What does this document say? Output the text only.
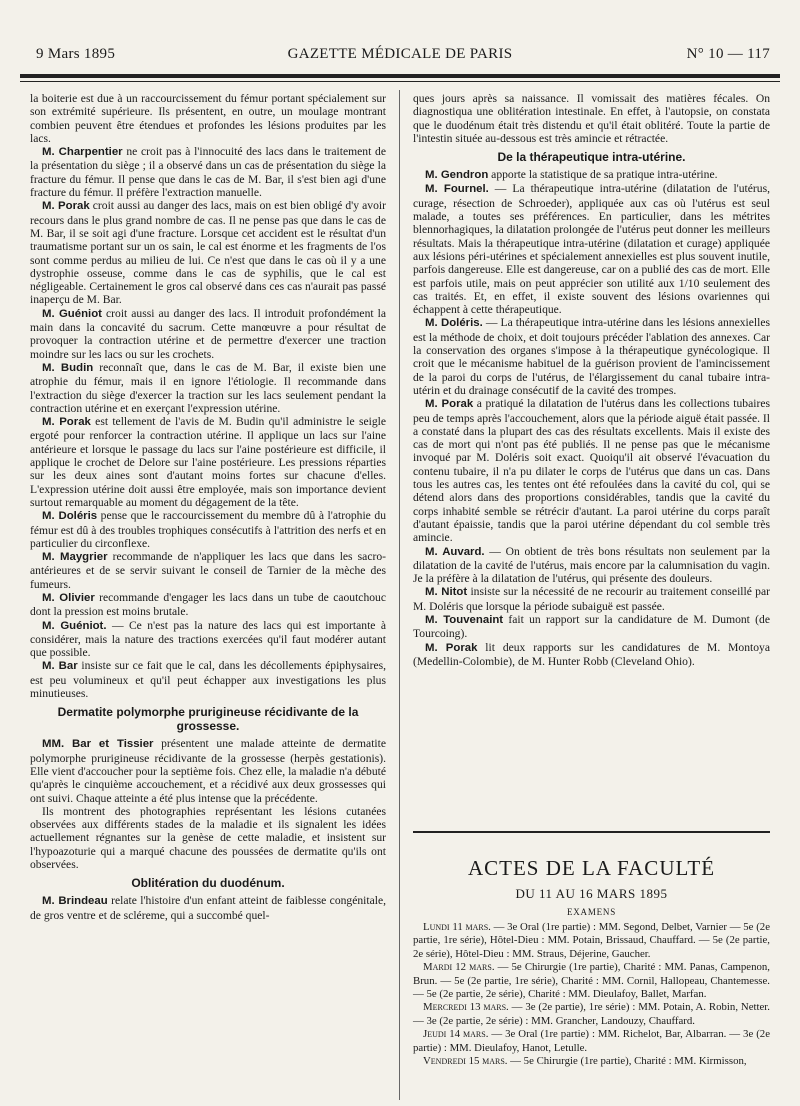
9 Mars 1895	GAZETTE MÉDICALE DE PARIS	N° 10 — 117

la boiterie est due à un raccourcissement du fémur portant spécialement sur son extrémité supérieure. Ils présentent, en outre, un moulage montrant combien peuvent être étendues et profondes les lésions produites par les lacs.

M. Charpentier ne croit pas à l'innocuité des lacs dans le traitement de la présentation du siège ; il a observé dans un cas de présentation du siège la fracture du fémur. Il pense que dans le cas de M. Bar, il s'est bien agi d'une fracture du fémur. Il préfère l'extraction manuelle.

M. Porak croit aussi au danger des lacs, mais on est bien obligé d'y avoir recours dans le plus grand nombre de cas. Il ne pense pas que dans le cas de M. Bar, il se soit agi d'une fracture. Lorsque cet accident est le résultat d'un traumatisme portant sur un os sain, le cal est énorme et les fragments de l'os sont comme perdus au milieu de lui. Ce n'est que dans le cas où il y a une dystrophie osseuse, comme dans le cas de syphilis, que le cal est négligeable. Certainement le gros cal observé dans ces cas n'aurait pas passé inaperçu de M. Bar.

M. Guéniot croit aussi au danger des lacs. Il introduit profondément la main dans la concavité du sacrum. Cette manœuvre a pour résultat de provoquer la contraction utérine et de permettre d'exercer une traction moindre sur les lacs ou sur les crochets.

M. Budin reconnaît que, dans le cas de M. Bar, il existe bien une atrophie du fémur, mais il en ignore l'étiologie. Il recommande dans l'extraction du siège d'exercer la traction sur les lacs seulement pendant la contraction utérine et en exerçant l'expression utérine.

M. Porak est tellement de l'avis de M. Budin qu'il administre le seigle ergoté pour renforcer la contraction utérine. Il applique un lacs sur l'aine antérieure et lorsque le passage du lacs sur l'aine postérieure est difficile, il applique le crochet de Delore sur l'aine postérieure. Les pressions réparties sur les deux aines sont d'autant moins fortes sur chacune d'elles. L'expression utérine doit aussi être employée, mais son importance devient surtout remarquable au moment du dégagement de la tête.

M. Doléris pense que le raccourcissement du membre dû à l'atrophie du fémur est dû à des troubles trophiques consécutifs à l'attrition des nerfs et en particulier du circonflexe.

M. Maygrier recommande de n'appliquer les lacs que dans les sacro-antérieures et de se servir suivant le conseil de Tarnier de la mèche des fumeurs.

M. Olivier recommande d'engager les lacs dans un tube de caoutchouc dont la pression est moins brutale.

M. Guéniot. — Ce n'est pas la nature des lacs qui est importante à considérer, mais la nature des tractions exercées qu'il faut modérer autant que possible.

M. Bar insiste sur ce fait que le cal, dans les décollements épiphysaires, est peu volumineux et qu'il peut échapper aux investigations les plus minutieuses.

Dermatite polymorphe prurigineuse récidivante de la grossesse.

MM. Bar et Tissier présentent une malade atteinte de dermatite polymorphe prurigineuse récidivante de la grossesse (herpès gestationis). Elle vient d'accoucher pour la septième fois. Chez elle, la maladie n'a débuté qu'après le cinquième accouchement, et a récidivé aux deux grossesses qui ont suivi. Chaque atteinte a été plus intense que la précédente.

Ils montrent des photographies représentant les lésions cutanées observées aux différents stades de la maladie et ils signalent les idées actuellement régnantes sur la genèse de cette maladie, et insistent sur l'hypoazoturie qui a marqué chacune des poussées de dermatite qu'ils ont observées.

Oblitération du duodénum.

M. Brindeau relate l'histoire d'un enfant atteint de faiblesse congénitale, de gros ventre et de scléreme, qui a succombé quel-

ques jours après sa naissance. Il vomissait des matières fécales. On diagnostiqua une oblitération intestinale. En effet, à l'autopsie, on constata que le duodénum était très distendu et qu'il était oblitéré. Toute la partie de l'intestin située au-dessous est très amincie et rétractée.

De la thérapeutique intra-utérine.

M. Gendron apporte la statistique de sa pratique intra-utérine.

M. Fournel. — La thérapeutique intra-utérine (dilatation de l'utérus, curage, résection de Schroeder), appliquée aux cas où l'utérus est seul malade, a toutes ses préférences. En particulier, dans les métrites blennorhagiques, la dilatation prolongée de l'utérus peut donner les meilleurs résultats. Mais la thérapeutique intra-utérine (dilatation et curage) appliquée aux lésions péri-utérines et spécialement annexielles est plus souvent inutile, parfois dangereuse. Elle est dangereuse, car on a publié des cas de mort. Elle est parfois utile, mais on peut apprécier son utilité aux 1/10 seulement des cas traités. Et, en effet, il existe souvent des lésions ovariennes qui échappent à cette thérapeutique.

M. Doléris. — La thérapeutique intra-utérine dans les lésions annexielles est la méthode de choix, et doit toujours précéder l'ablation des annexes. Car la conservation des organes s'impose à la thérapeutique gynécologique. Il croit que le mécanisme habituel de la guérison provient de l'amincissement de la paroi du corps de l'utérus, de l'élargissement du canal tubaire intra-utérin et du drainage consécutif de la cavité des trompes.

M. Porak a pratiqué la dilatation de l'utérus dans les collections tubaires peu de temps après l'accouchement, alors que la période aiguë était passée. Il a constaté dans la plupart des cas des résultats excellents. Mais il existe des cas de mort qui n'ont pas été publiés. Il ne pense pas que le mécanisme invoqué par M. Doléris soit exact. Quoiqu'il ait observé l'évacuation du contenu tubaire, il n'a pu dilater le corps de l'utérus que dans un cas. Dans tous les autres cas, les tentes ont été refoulées dans la cavité du col, qui se détend alors dans des proportions considérables, tandis que la cavité du corps inhabité semble se rétrécir d'autant. La paroi utérine du corps paraît d'autant épaissie, tandis que la paroi utérine dépendant du col semble très amincie.

M. Auvard. — On obtient de très bons résultats non seulement par la dilatation de la cavité de l'utérus, mais encore par la calumnisation du vagin. Je la préfère à la dilatation de l'utérus, qui présente des douleurs.

M. Nitot insiste sur la nécessité de ne recourir au traitement conseillé par M. Doléris que lorsque la période subaiguë est passée.

M. Touvenaint fait un rapport sur la candidature de M. Dumont (de Tourcoing).

M. Porak lit deux rapports sur les candidatures de M. Montoya (Medellin-Colombie), de M. Hunter Robb (Cleveland Ohio).

ACTES DE LA FACULTÉ
DU 11 AU 16 MARS 1895
EXAMENS

Lundi 11 mars. — 3e Oral (1re partie) : MM. Segond, Delbet, Varnier — 5e (2e partie, 1re série), Hôtel-Dieu : MM. Potain, Brissaud, Chauffard. — 5e (2e partie, 2e série), Hôtel-Dieu : MM. Straus, Déjerine, Gaucher.

Mardi 12 mars. — 5e Chirurgie (1re partie), Charité : MM. Panas, Campenon, Brun. — 5e (2e partie, 1re série), Charité : MM. Cornil, Hallopeau, Chantemesse. — 5e (2e partie, 2e série), Charité : MM. Dieulafoy, Ballet, Marfan.

Mercredi 13 mars. — 3e (2e partie), 1re série) : MM. Potain, A. Robin, Netter. — 3e (2e partie, 2e série) : MM. Grancher, Landouzy, Chauffard.

Jeudi 14 mars. — 3e Oral (1re partie) : MM. Richelot, Bar, Albarran. — 3e (2e partie) : MM. Dieulafoy, Hanot, Letulle.

Vendredi 15 mars. — 5e Chirurgie (1re partie), Charité : MM. Kirmisson,
